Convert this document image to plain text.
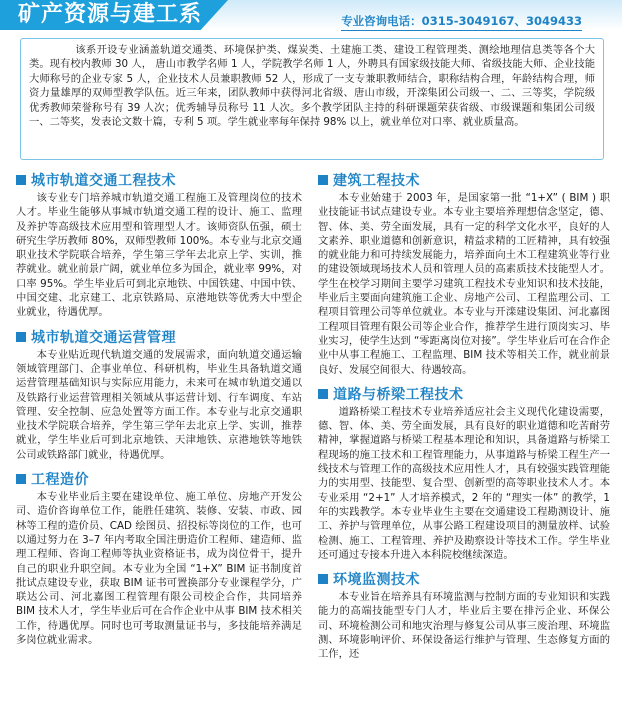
矿产资源与建工系	专业咨询电话：0315-3049167、3049433

该系开设专业涵盖轨道交通类、环境保护类、煤炭类、土建施工类、建设工程管理类、测绘地理信息类等各个大类。现有校内教师 30 人， 唐山市教学名师 1 人，学院教学名师 1 人，外聘具有国家级技能大师、省级技能大师、企业技能大师称号的企业专家 5 人，企业技术人员兼职教师 52 人，形成了一支专兼职教师结合，职称结构合理，年龄结构合理，师资力量雄厚的双师型教学队伍。近三年来，团队教师中获得河北省级、唐山市级，开滦集团公司级一、二、三等奖，学院级优秀教师荣誉称号有 39 人次；优秀辅导员称号 11 人次。多个教学团队主持的科研课题荣获省级、市级课题和集团公司级一、二等奖，发表论文数十篇，专利 5 项。学生就业率每年保持 98% 以上，就业单位对口率、就业质量高。

城市轨道交通工程技术

该专业专门培养城市轨道交通工程施工及管理岗位的技术人才。毕业生能够从事城市轨道交通工程的设计、施工、监理及养护等高级技术应用型和管理型人才。该师资队伍强，硕士研究生学历教师 80%，双师型教师 100%。本专业与北京交通职业技术学院联合培养，学生第三学年去北京上学、实训，推荐就业。就业前景广阔，就业单位多为国企，就业率 99%，对口率 95%。学生毕业后可到北京地铁、中国铁建、中国中铁、中国交建、北京建工、北京铁路局、京港地铁等优秀大中型企业就业，待遇优厚。

城市轨道交通运营管理

本专业贴近现代轨道交通的发展需求，面向轨道交通运输领域管理部门、企事业单位、科研机构，毕业生具备轨道交通运营管理基础知识与实际应用能力，未来可在城市轨道交通以及铁路行业运营管理相关领域从事运营计划、行车调度、车站管理、安全控制、应急处置等方面工作。本专业与北京交通职业技术学院联合培养，学生第三学年去北京上学、实训，推荐就业，学生毕业后可到北京地铁、天津地铁、京港地铁等地铁公司或铁路部门就业，待遇优厚。

工程造价

本专业毕业后主要在建设单位、施工单位、房地产开发公司、造价咨询单位工作，能胜任建筑、装修、安装、市政、园林等工程的造价员、CAD 绘图员、招投标等岗位的工作，也可以通过努力在 3–7 年内考取全国注册造价工程师、建造师、监理工程师、咨询工程师等执业资格证书，成为岗位骨干，提升自己的职业升职空间。本专业为全国 “1+X” BIM 证书制度首批试点建设专业，获取 BIM 证书可置换部分专业课程学分，广联达公司、河北嘉图工程管理有限公司校企合作，共同培养 BIM 技术人才，学生毕业后可在合作企业中从事 BIM 技术相关工作，待遇优厚。同时也可考取测量证书与，多技能培养满足多岗位就业需求。

建筑工程技术

本专业始建于 2003 年，是国家第一批 “1+X” ( BIM ) 职业技能证书试点建设专业。本专业主要培养理想信念坚定，德、智、体、美、劳全面发展，具有一定的科学文化水平，良好的人文素养、职业道德和创新意识，精益求精的工匠精神，具有较强的就业能力和可持续发展能力，培养面向土木工程建筑业等行业的建设领域现场技术人员和管理人员的高素质技术技能型人才。学生在校学习期间主要学习建筑工程技术专业知识和技术技能，毕业后主要面向建筑施工企业、房地产公司、工程监理公司、工程项目管理公司等单位就业。本专业与开滦建设集团、河北嘉图工程项目管理有限公司等企业合作，推荐学生进行顶岗实习、毕业实习，使学生达到 “零距离岗位对接”。学生毕业后可在合作企业中从事工程施工、工程监理、BIM 技术等相关工作，就业前景良好、发展空间很大、待遇较高。

道路与桥梁工程技术

道路桥梁工程技术专业培养适应社会主义现代化建设需要，德、智、体、美、劳全面发展，具有良好的职业道德和吃苦耐劳精神，掌握道路与桥梁工程基本理论和知识，具备道路与桥梁工程现场的施工技术和工程管理能力，从事道路与桥梁工程生产一线技术与管理工作的高级技术应用性人才，具有较强实践管理能力的实用型、技能型、复合型、创新型的高等职业技术人才。本专业采用 “2+1” 人才培养模式，2 年的 “理实一体” 的教学，1 年的实践教学。本专业毕业生主要在交通建设工程勘测设计、施工、养护与管理单位，从事公路工程建设项目的测量放样、试验检测、施工、工程管理、养护及勘察设计等技术工作。学生毕业还可通过专接本升进入本科院校继续深造。

环境监测技术

本专业旨在培养具有环境监测与控制方面的专业知识和实践能力的高端技能型专门人才，毕业后主要在排污企业、环保公司、环境检测公司和地灾治理与修复公司从事三废治理、环境监测、环境影响评价、环保设备运行维护与管理、生态修复方面的工作，还
